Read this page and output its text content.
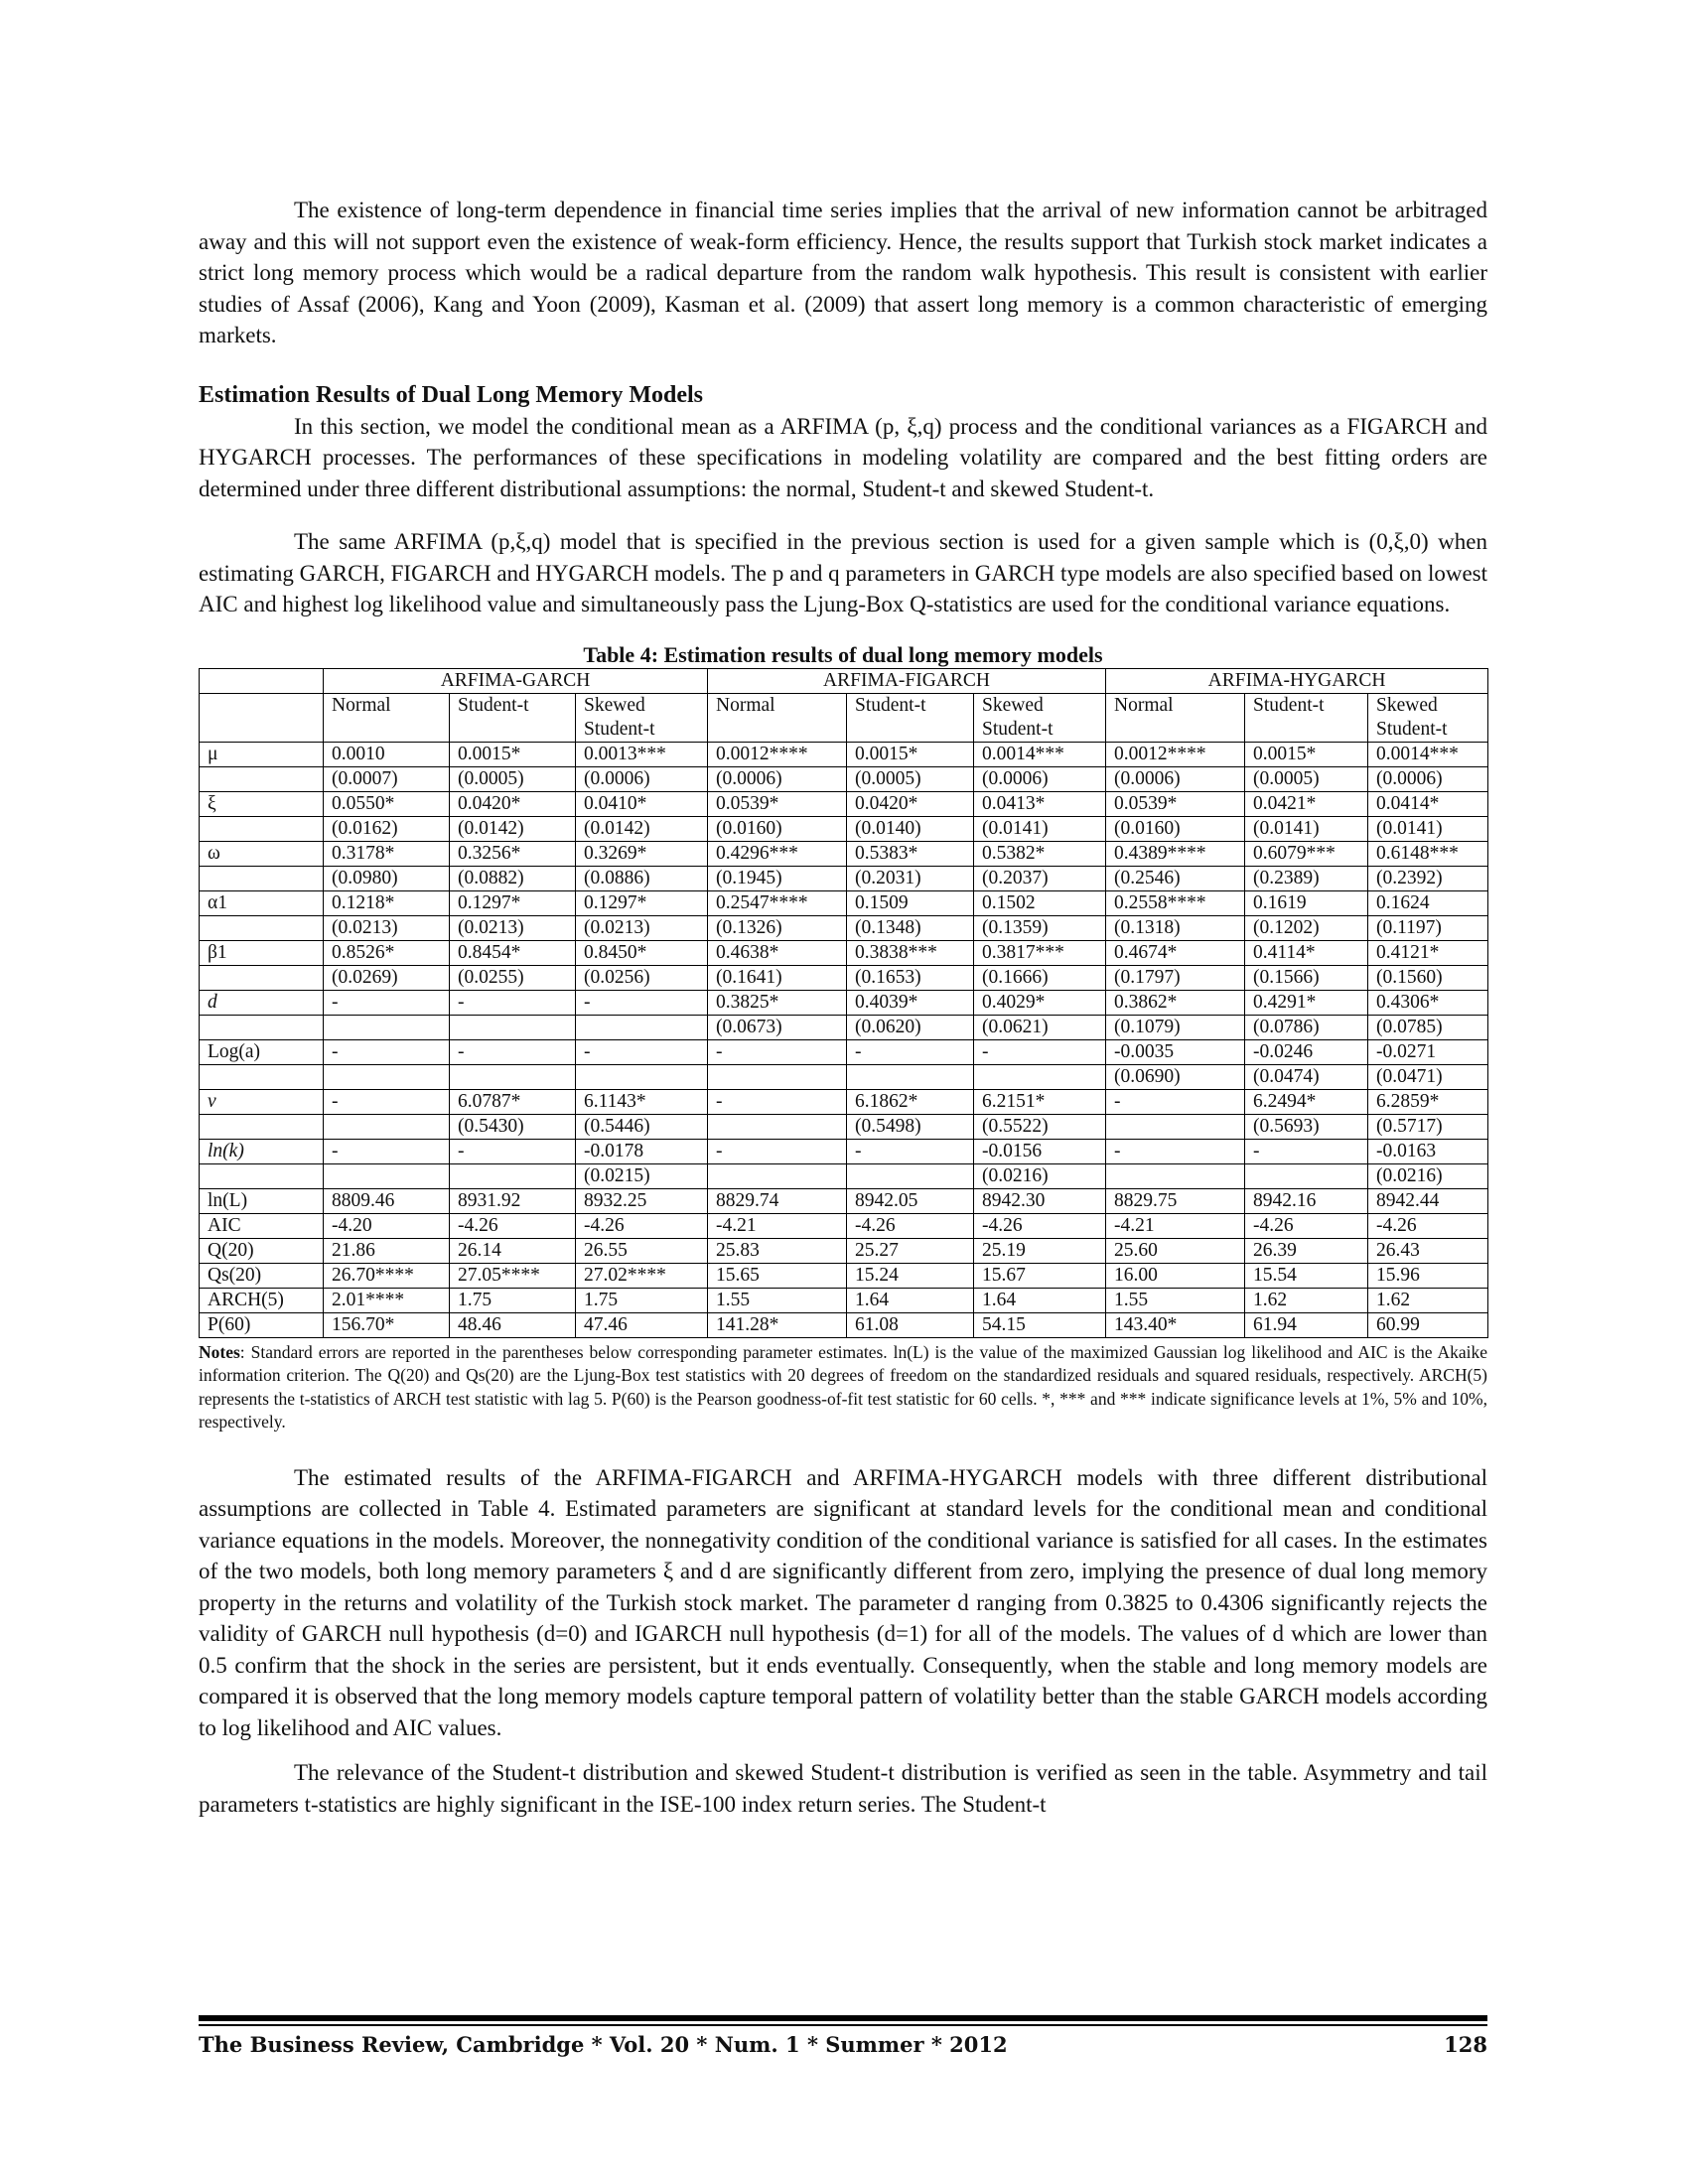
The existence of long-term dependence in financial time series implies that the arrival of new information cannot be arbitraged away and this will not support even the existence of weak-form efficiency. Hence, the results support that Turkish stock market indicates a strict long memory process which would be a radical departure from the random walk hypothesis. This result is consistent with earlier studies of Assaf (2006), Kang and Yoon (2009), Kasman et al. (2009) that assert long memory is a common characteristic of emerging markets.

Estimation Results of Dual Long Memory Models

In this section, we model the conditional mean as a ARFIMA (p, ξ,q) process and the conditional variances as a FIGARCH and HYGARCH processes. The performances of these specifications in modeling volatility are compared and the best fitting orders are determined under three different distributional assumptions: the normal, Student-t and skewed Student-t.

The same ARFIMA (p,ξ,q) model that is specified in the previous section is used for a given sample which is (0,ξ,0) when estimating GARCH, FIGARCH and HYGARCH models. The p and q parameters in GARCH type models are also specified based on lowest AIC and highest log likelihood value and simultaneously pass the Ljung-Box Q-statistics are used for the conditional variance equations.

Table 4: Estimation results of dual long memory models

	ARFIMA-GARCH			ARFIMA-FIGARCH			ARFIMA-HYGARCH		
	Normal	Student-t	Skewed Student-t	Normal	Student-t	Skewed Student-t	Normal	Student-t	Skewed Student-t
μ	0.0010	0.0015*	0.0013***	0.0012****	0.0015*	0.0014***	0.0012****	0.0015*	0.0014***
	(0.0007)	(0.0005)	(0.0006)	(0.0006)	(0.0005)	(0.0006)	(0.0006)	(0.0005)	(0.0006)
ξ	0.0550*	0.0420*	0.0410*	0.0539*	0.0420*	0.0413*	0.0539*	0.0421*	0.0414*
	(0.0162)	(0.0142)	(0.0142)	(0.0160)	(0.0140)	(0.0141)	(0.0160)	(0.0141)	(0.0141)
ω	0.3178*	0.3256*	0.3269*	0.4296***	0.5383*	0.5382*	0.4389****	0.6079***	0.6148***
	(0.0980)	(0.0882)	(0.0886)	(0.1945)	(0.2031)	(0.2037)	(0.2546)	(0.2389)	(0.2392)
α1	0.1218*	0.1297*	0.1297*	0.2547****	0.1509	0.1502	0.2558****	0.1619	0.1624
	(0.0213)	(0.0213)	(0.0213)	(0.1326)	(0.1348)	(0.1359)	(0.1318)	(0.1202)	(0.1197)
β1	0.8526*	0.8454*	0.8450*	0.4638*	0.3838***	0.3817***	0.4674*	0.4114*	0.4121*
	(0.0269)	(0.0255)	(0.0256)	(0.1641)	(0.1653)	(0.1666)	(0.1797)	(0.1566)	(0.1560)
d	-	-	-	0.3825*	0.4039*	0.4029*	0.3862*	0.4291*	0.4306*
				(0.0673)	(0.0620)	(0.0621)	(0.1079)	(0.0786)	(0.0785)
Log(a)	-	-	-	-	-	-	-0.0035	-0.0246	-0.0271
							(0.0690)	(0.0474)	(0.0471)
v	-	6.0787*	6.1143*	-	6.1862*	6.2151*	-	6.2494*	6.2859*
		(0.5430)	(0.5446)		(0.5498)	(0.5522)		(0.5693)	(0.5717)
ln(k)	-	-	-0.0178	-	-	-0.0156	-	-	-0.0163
			(0.0215)			(0.0216)			(0.0216)
ln(L)	8809.46	8931.92	8932.25	8829.74	8942.05	8942.30	8829.75	8942.16	8942.44
AIC	-4.20	-4.26	-4.26	-4.21	-4.26	-4.26	-4.21	-4.26	-4.26
Q(20)	21.86	26.14	26.55	25.83	25.27	25.19	25.60	26.39	26.43
Qs(20)	26.70****	27.05****	27.02****	15.65	15.24	15.67	16.00	15.54	15.96
ARCH(5)	2.01****	1.75	1.75	1.55	1.64	1.64	1.55	1.62	1.62
P(60)	156.70*	48.46	47.46	141.28*	61.08	54.15	143.40*	61.94	60.99

Notes: Standard errors are reported in the parentheses below corresponding parameter estimates. ln(L) is the value of the maximized Gaussian log likelihood and AIC is the Akaike information criterion. The Q(20) and Qs(20) are the Ljung-Box test statistics with 20 degrees of freedom on the standardized residuals and squared residuals, respectively. ARCH(5) represents the t-statistics of ARCH test statistic with lag 5. P(60) is the Pearson goodness-of-fit test statistic for 60 cells. *, *** and *** indicate significance levels at 1%, 5% and 10%, respectively.

The estimated results of the ARFIMA-FIGARCH and ARFIMA-HYGARCH models with three different distributional assumptions are collected in Table 4. Estimated parameters are significant at standard levels for the conditional mean and conditional variance equations in the models. Moreover, the nonnegativity condition of the conditional variance is satisfied for all cases. In the estimates of the two models, both long memory parameters ξ and d are significantly different from zero, implying the presence of dual long memory property in the returns and volatility of the Turkish stock market. The parameter d ranging from 0.3825 to 0.4306 significantly rejects the validity of GARCH null hypothesis (d=0) and IGARCH null hypothesis (d=1) for all of the models. The values of d which are lower than 0.5 confirm that the shock in the series are persistent, but it ends eventually. Consequently, when the stable and long memory models are compared it is observed that the long memory models capture temporal pattern of volatility better than the stable GARCH models according to log likelihood and AIC values.

The relevance of the Student-t distribution and skewed Student-t distribution is verified as seen in the table. Asymmetry and tail parameters t-statistics are highly significant in the ISE-100 index return series. The Student-t

The Business Review, Cambridge * Vol. 20 * Num. 1 * Summer * 2012	128
